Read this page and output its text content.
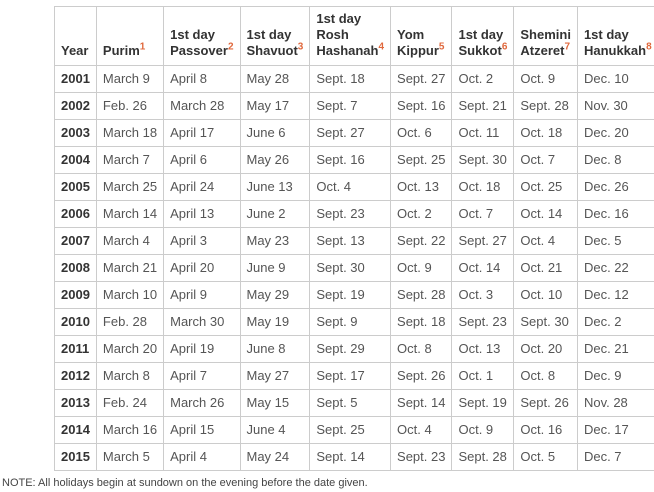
Year	Purim$^1$	1st day Passover$^2$	1st day Shavuot$^3$	1st day Rosh Hashanah$^4$	Yom Kippur$^5$	1st day Sukkot$^6$	Shemini Atzeret$^7$	1st day Hanukkah$^8$
2001	March 9	April 8	May 28	Sept. 18	Sept. 27	Oct. 2	Oct. 9	Dec. 10
2002	Feb. 26	March 28	May 17	Sept. 7	Sept. 16	Sept. 21	Sept. 28	Nov. 30
2003	March 18	April 17	June 6	Sept. 27	Oct. 6	Oct. 11	Oct. 18	Dec. 20
2004	March 7	April 6	May 26	Sept. 16	Sept. 25	Sept. 30	Oct. 7	Dec. 8
2005	March 25	April 24	June 13	Oct. 4	Oct. 13	Oct. 18	Oct. 25	Dec. 26
2006	March 14	April 13	June 2	Sept. 23	Oct. 2	Oct. 7	Oct. 14	Dec. 16
2007	March 4	April 3	May 23	Sept. 13	Sept. 22	Sept. 27	Oct. 4	Dec. 5
2008	March 21	April 20	June 9	Sept. 30	Oct. 9	Oct. 14	Oct. 21	Dec. 22
2009	March 10	April 9	May 29	Sept. 19	Sept. 28	Oct. 3	Oct. 10	Dec. 12
2010	Feb. 28	March 30	May 19	Sept. 9	Sept. 18	Sept. 23	Sept. 30	Dec. 2
2011	March 20	April 19	June 8	Sept. 29	Oct. 8	Oct. 13	Oct. 20	Dec. 21
2012	March 8	April 7	May 27	Sept. 17	Sept. 26	Oct. 1	Oct. 8	Dec. 9
2013	Feb. 24	March 26	May 15	Sept. 5	Sept. 14	Sept. 19	Sept. 26	Nov. 28
2014	March 16	April 15	June 4	Sept. 25	Oct. 4	Oct. 9	Oct. 16	Dec. 17
2015	March 5	April 4	May 24	Sept. 14	Sept. 23	Sept. 28	Oct. 5	Dec. 7

NOTE: All holidays begin at sundown on the evening before the date given.
